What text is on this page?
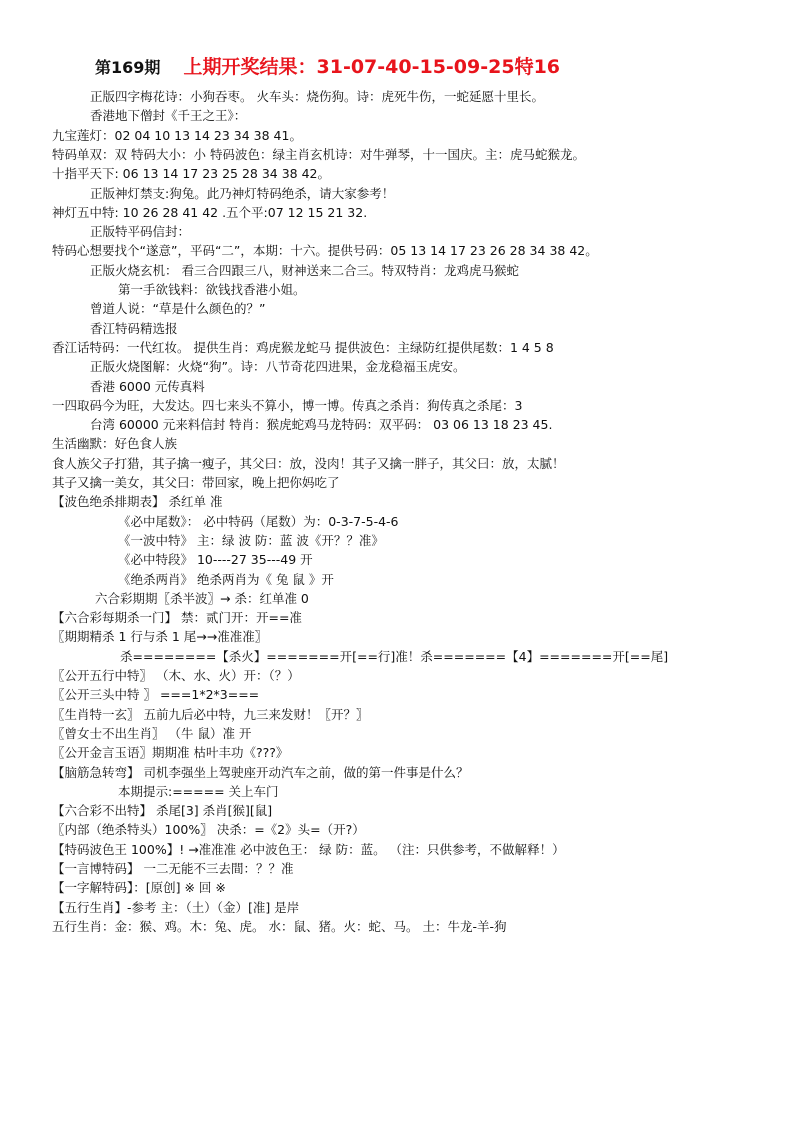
第169期 上期开奖结果：31-07-40-15-09-25特16
正版四字梅花诗：小狗吞枣。 火车头：烧伤狗。诗：虎死牛伤，一蛇延愿十里长。
香港地下僧封《千王之王》：
九宝莲灯：02 04 10 13 14 23 34 38 41。
特码单双：双 特码大小：小 特码波色：绿主肖玄机诗：对牛弹琴，十一国庆。主：虎马蛇猴龙。
十指平天下: 06 13 14 17 23 25 28 34 38 42。
正版神灯禁支:狗兔。此乃神灯特码绝杀，请大家参考！
神灯五中特: 10 26 28 41 42 .五个平:07 12 15 21 32.
正版特平码信封：
特码心想要找个“遂意”，平码“二”，本期：十六。提供号码：05 13 14 17 23 26 28 34 38 42。
正版火烧玄机： 看三合四跟三八，财神送来二合三。特双特肖：龙鸡虎马猴蛇
第一手欲钱料：欲钱找香港小姐。
曾道人说：“草是什么颜色的？”
香江特码精选报
香江话特码：一代红妆。 提供生肖：鸡虎猴龙蛇马 提供波色：主绿防红提供尾数：1 4 5 8
正版火烧图解：火烧“狗”。诗：八节奇花四进果，金龙稳福玉虎安。
香港 6000 元传真料
一四取码今为旺，大发达。四七来头不算小，博一博。传真之杀肖：狗传真之杀尾：3
台湾 60000 元来料信封 特肖：猴虎蛇鸡马龙特码：双平码： 03 06 13 18 23 45.
生活幽默：好色食人族
食人族父子打猎，其子擒一瘦子，其父曰：放，没肉！其子又擒一胖子，其父曰：放，太腻！
其子又擒一美女，其父曰：带回家，晚上把你妈吃了
【波色绝杀排期表】 杀红单 准
《必中尾数》： 必中特码（尾数）为：0-3-7-5-4-6
《一波中特》 主：绿 波 防：蓝 波《开？？准》
《必中特段》 10----27 35---49 开
《绝杀两肖》 绝杀两肖为《 兔 鼠 》开
六合彩期期〖杀半波〗→ 杀：红单准 0
【六合彩每期杀一门】 禁：贰门开：开==准
〖期期精杀 1 行与杀 1 尾→→准准准〗
杀========【杀火】=======开[==行]准！杀=======【4】=======开[==尾]
〖公开五行中特〗 （木、水、火）开：（？）
〖公开三头中特 〗 ===1*2*3===
〖生肖特一玄〗 五前九后必中特，九三来发财！〖开？〗
〖曾女士不出生肖〗 （牛 鼠）准 开
〖公开金言玉语〗期期准 枯叶丰功《???》
【脑筋急转弯】 司机李强坐上驾驶座开动汽车之前，做的第一件事是什么？
本期提示:===== 关上车门
【六合彩不出特】 杀尾[3] 杀肖[猴][鼠]
〖内部（绝杀特头）100%〗 决杀：=《2》头=（开?）
【特码波色王 100%】! →准准准 必中波色王： 绿 防：蓝。 （注：只供参考，不做解释！）
【一言博特码】 一二无能不三去間：？？准
【一字解特码】：[原创] ※ 回 ※
【五行生肖】-参考 主：（土）（金）[准] 是岸
五行生肖：金：猴、鸡。木：兔、虎。 水：鼠、猪。火：蛇、马。 土：牛龙-羊-狗
